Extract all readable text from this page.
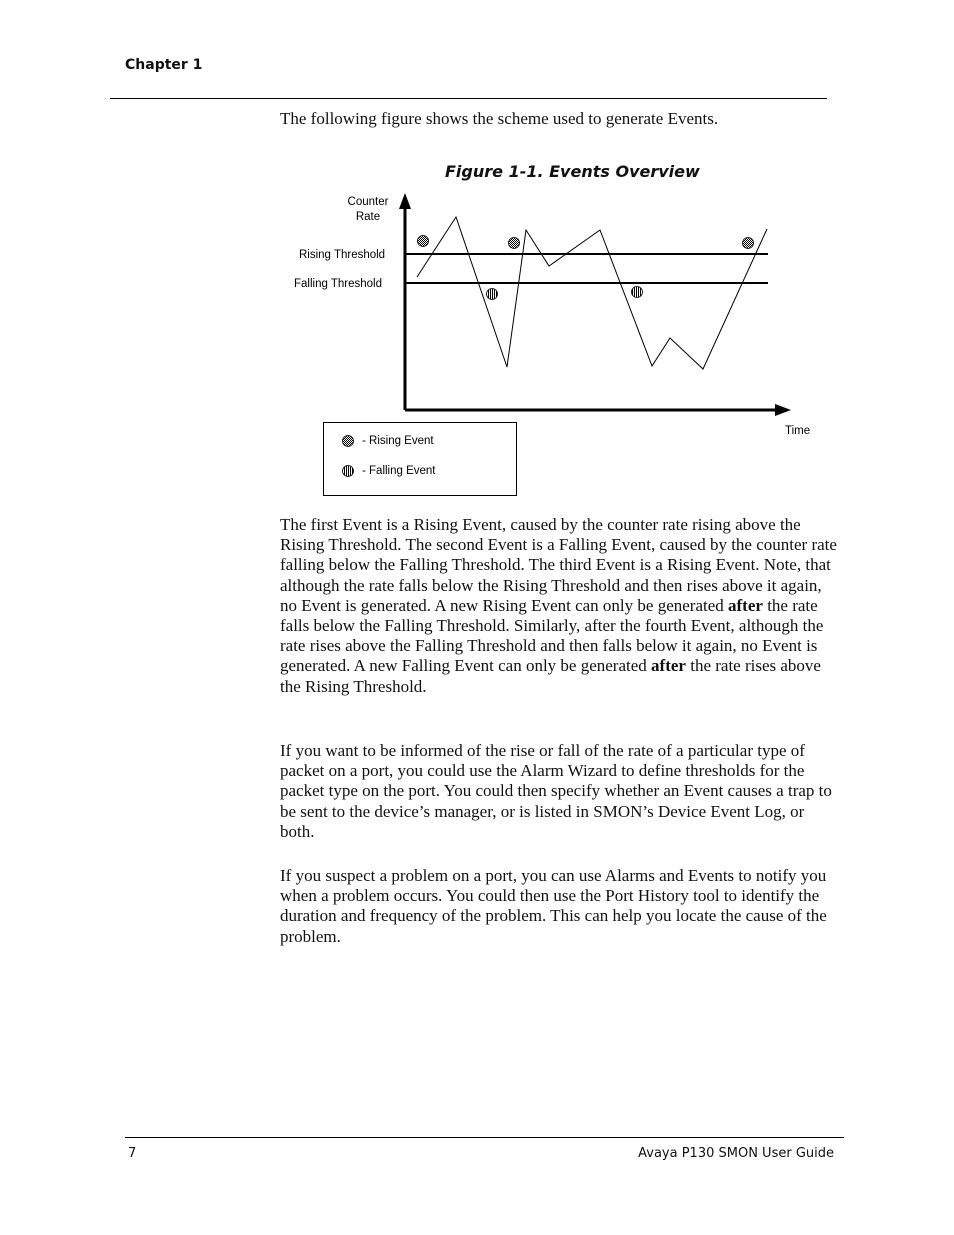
Chapter 1
The following figure shows the scheme used to generate Events.
Figure 1-1. Events Overview
Counter
Rate
Rising Threshold
Falling Threshold
Time
- Rising Event
- Falling Event

The first Event is a Rising Event, caused by the counter rate rising above the Rising Threshold. The second Event is a Falling Event, caused by the counter rate falling below the Falling Threshold. The third Event is a Rising Event. Note, that although the rate falls below the Rising Threshold and then rises above it again, no Event is generated. A new Rising Event can only be generated after the rate falls below the Falling Threshold. Similarly, after the fourth Event, although the rate rises above the Falling Threshold and then falls below it again, no Event is generated. A new Falling Event can only be generated after the rate rises above the Rising Threshold.

If you want to be informed of the rise or fall of the rate of a particular type of packet on a port, you could use the Alarm Wizard to define thresholds for the packet type on the port. You could then specify whether an Event causes a trap to be sent to the device’s manager, or is listed in SMON’s Device Event Log, or both.

If you suspect a problem on a port, you can use Alarms and Events to notify you when a problem occurs. You could then use the Port History tool to identify the duration and frequency of the problem. This can help you locate the cause of the problem.

7	Avaya P130 SMON User Guide
